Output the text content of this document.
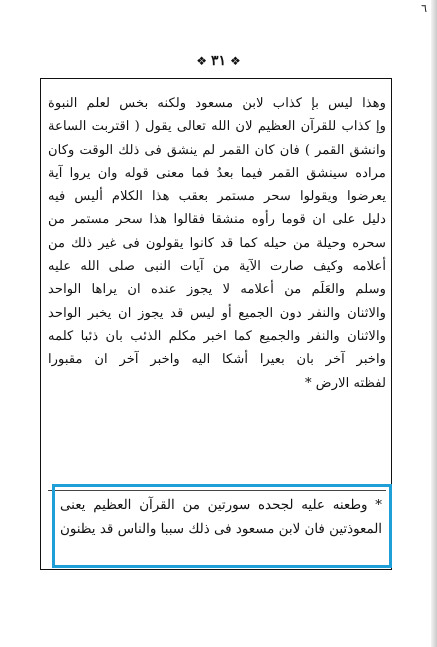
٦
❖ ٣١ ❖
وهذا ليس بإ كذاب لابن مسعود ولكنه بخس لعلم النبوة
وإ كذاب للقرآن العظيم لان الله تعالى يقول ( اقتربت الساعة
وانشق القمر ) فان كان القمر لم ينشق فى ذلك الوقت وكان
مراده سينشق القمر فيما بعدُ فما معنى قوله وان يروا آية
يعرضوا ويقولوا سحر مستمر بعقب هذا الكلام أليس فيه
دليل على ان قوما رأوه منشقا فقالوا هذا سحر مستمر من
سحره وحيلة من حيله كما قد كانوا يقولون فى غير ذلك من
أعلامه وكيف صارت الآية من آيات النبى صلى الله عليه
وسلم والعَلَم من أعلامه لا يجوز عنده ان يراها الواحد
والاثنان والنفر دون الجميع أو ليس قد يجوز ان يخبر الواحد
والاثنان والنفر والجميع كما اخبر مكلم الذئب بان ذئبا كلمه
واخبر آخر بان بعيرا أشكا اليه واخبر آخر ان مقبورا
لفظته الارض *
* وطعنه عليه لجحده سورتين من القرآن العظيم يعنى
المعوذتين فان لابن مسعود فى ذلك سببا والناس قد يظنون
